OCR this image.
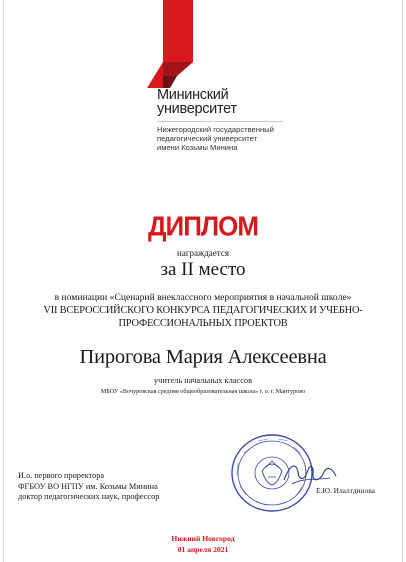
Мининский
университет
Нижегородский государственный
педагогический университет
имени Козьмы Минина
ДИПЛОМ
награждается
за II место
в номинации «Сценарий внеклассного мероприятия в начальной школе»
VII ВСЕРОССИЙСКОГО КОНКУРСА ПЕДАГОГИЧЕСКИХ И УЧЕБНО-ПРОФЕССИОНАЛЬНЫХ ПРОЕКТОВ
Пирогова Мария Алексеевна
учитель начальных классов
МБОУ «Вочуровская средняя общеобразовательная школа» г. о. г. Мантурово
И.о. первого проректора
ФГБОУ ВО НГПУ им. Козьмы Минина
доктор педагогических наук, профессор
Е.Ю. Илалтдинова
Нижний Новгород
01 апреля 2021
